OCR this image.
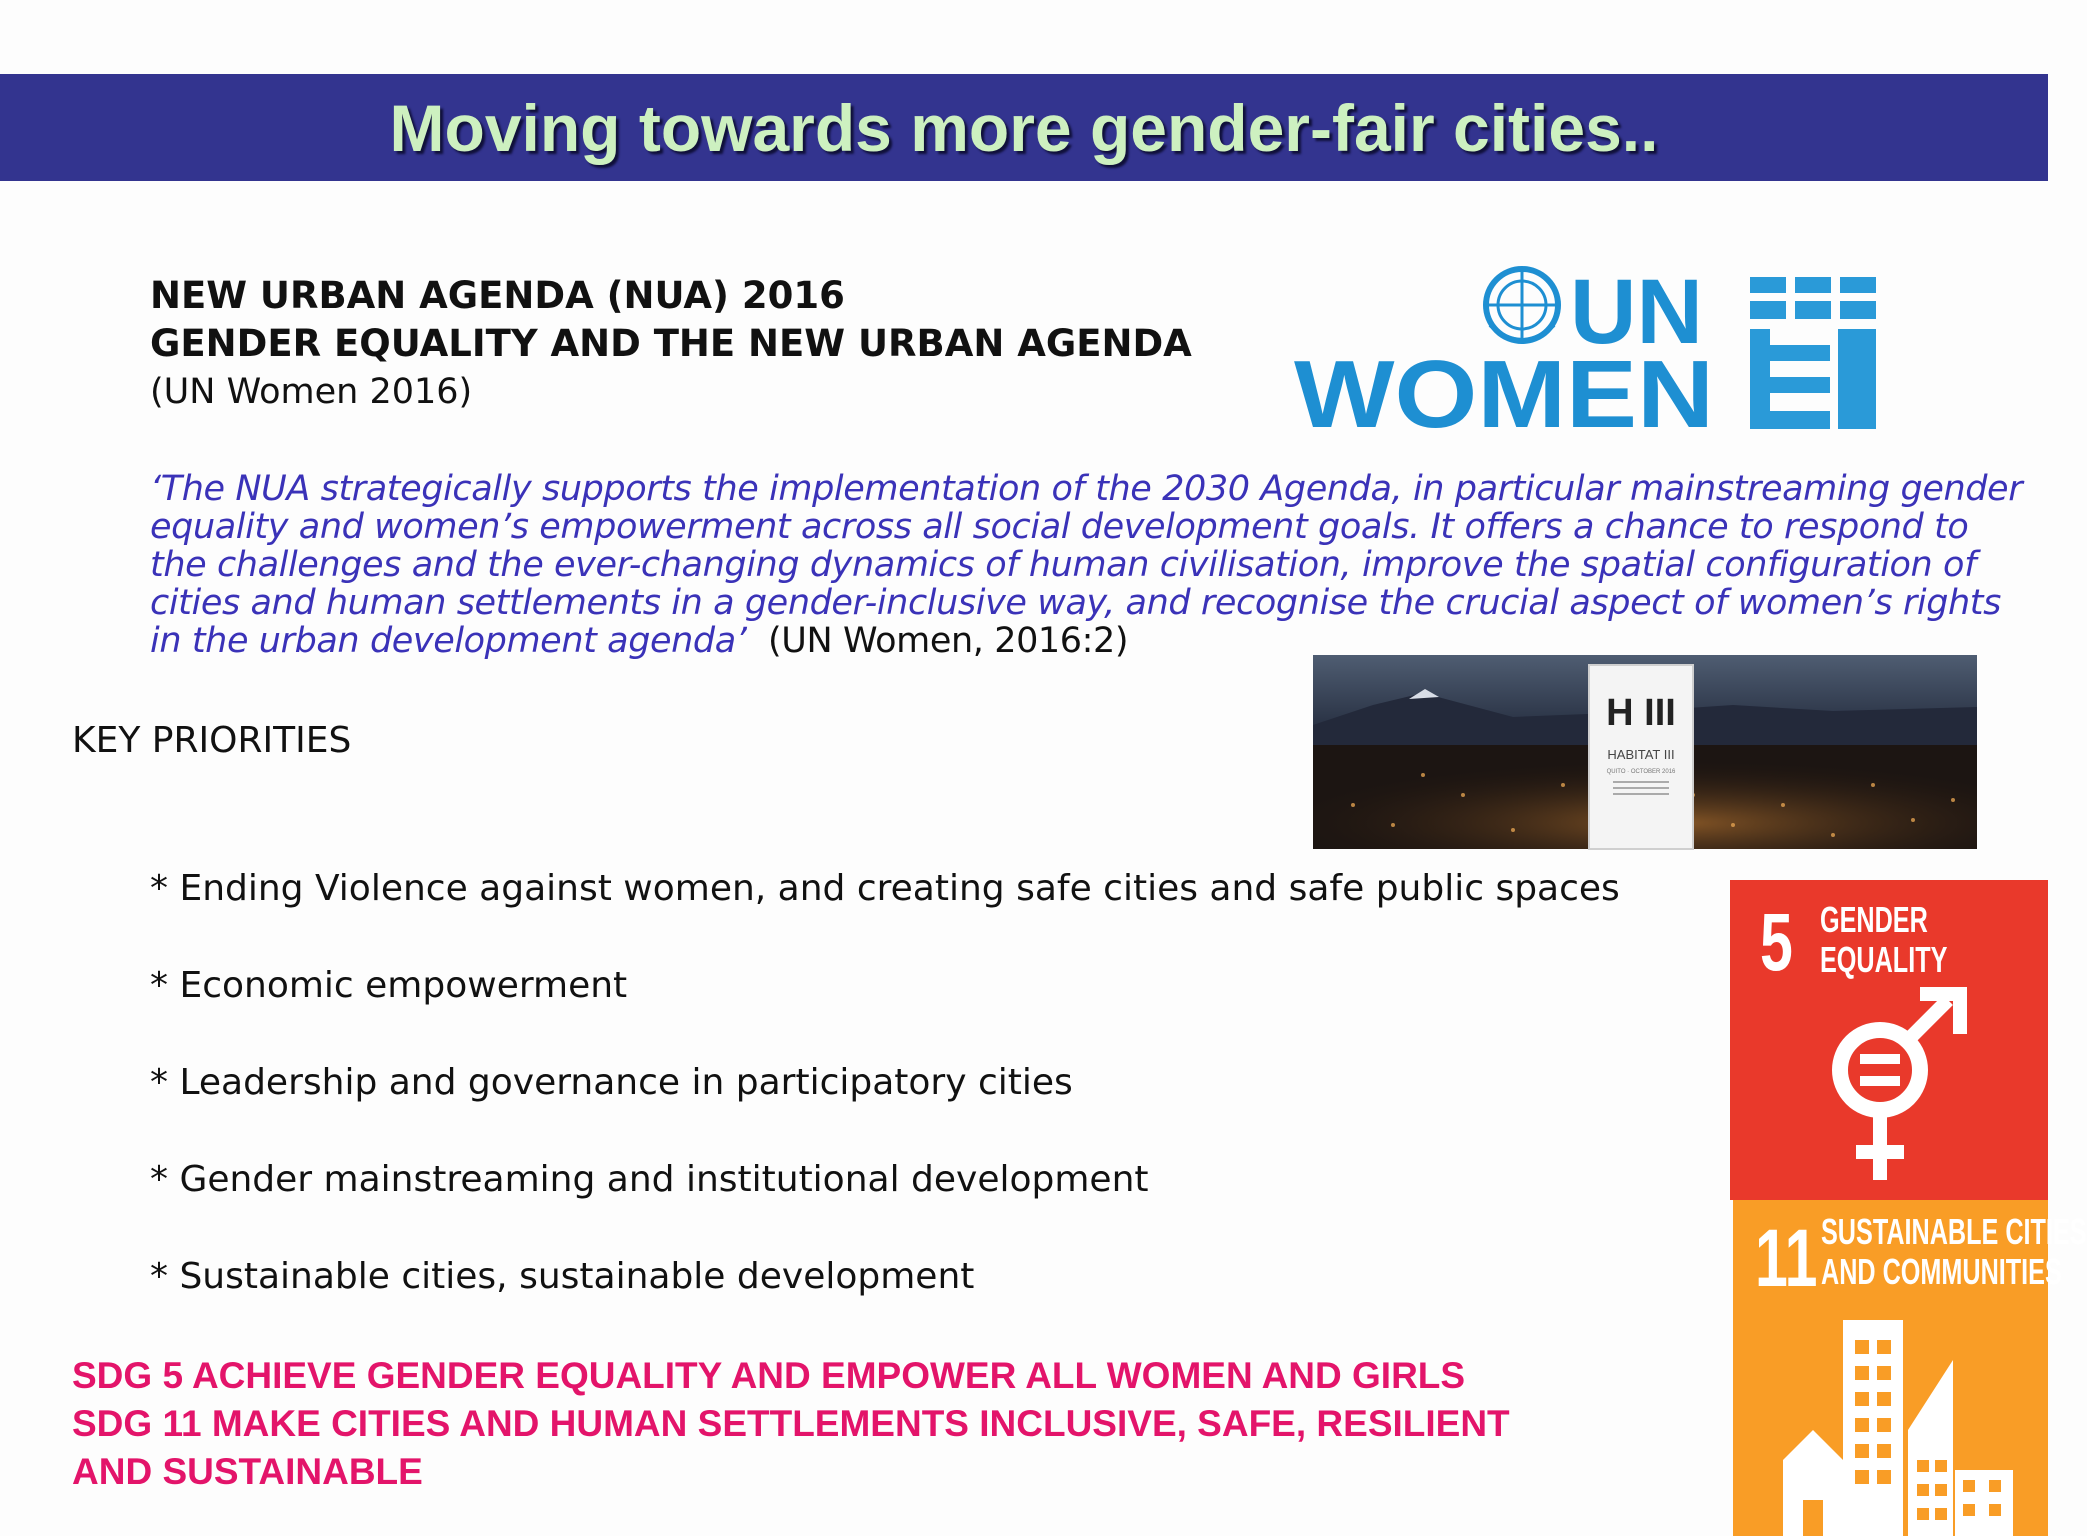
Moving towards more gender-fair cities..
NEW URBAN AGENDA (NUA) 2016
GENDER EQUALITY AND THE NEW URBAN AGENDA
(UN Women 2016)
UN
WOMEN
‘The NUA strategically supports the implementation of the 2030 Agenda, in particular mainstreaming gender equality and women’s empowerment across all social development goals. It offers a chance to respond to the challenges and the ever-changing dynamics of human civilisation, improve the spatial configuration of cities and human settlements in a gender-inclusive way, and recognise the crucial aspect of women’s rights in the urban development agenda’ (UN Women, 2016:2)
H III
HABITAT III
QUITO · OCTOBER 2016
KEY PRIORITIES
* Ending Violence against women, and creating safe cities and safe public spaces
* Economic empowerment
* Leadership and governance in participatory cities
* Gender mainstreaming and institutional development
* Sustainable cities, sustainable development
SDG 5 ACHIEVE GENDER EQUALITY AND EMPOWER ALL WOMEN AND GIRLS
SDG 11 MAKE CITIES AND HUMAN SETTLEMENTS INCLUSIVE, SAFE, RESILIENT
AND SUSTAINABLE
5 GENDER
EQUALITY
11 SUSTAINABLE CITIES
AND COMMUNITIES
